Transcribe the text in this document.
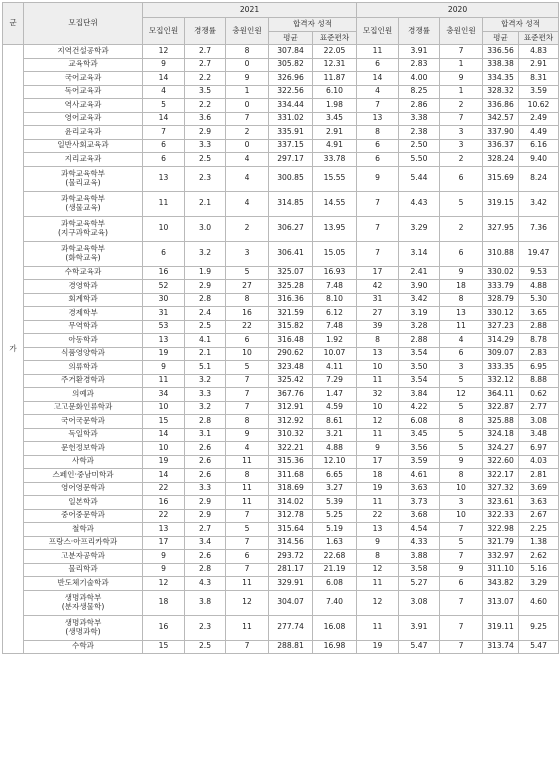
군	모집단위	2021					2020				
		모집인원	경쟁률	충원인원	합격자 성적		모집인원	경쟁률	충원인원	합격자 성적	
					평균	표준편차				평균	표준편차
가	지역건설공학과	12	2.7	8	307.84	22.05	11	3.91	7	336.56	4.83
	교육학과	9	2.7	0	305.82	12.31	6	2.83	1	338.38	2.91
	국어교육과	14	2.2	9	326.96	11.87	14	4.00	9	334.35	8.31
	독어교육과	4	3.5	1	322.56	6.10	4	8.25	1	328.32	3.59
	역사교육과	5	2.2	0	334.44	1.98	7	2.86	2	336.86	10.62
	영어교육과	14	3.6	7	331.02	3.45	13	3.38	7	342.57	2.49
	윤리교육과	7	2.9	2	335.91	2.91	8	2.38	3	337.90	4.49
	일반사회교육과	6	3.3	0	337.15	4.91	6	2.50	3	336.37	6.16
	지리교육과	6	2.5	4	297.17	33.78	6	5.50	2	328.24	9.40
	과학교육학부
(물리교육)	13	2.3	4	300.85	15.55	9	5.44	6	315.69	8.24
	과학교육학부
(생물교육)	11	2.1	4	314.85	14.55	7	4.43	5	319.15	3.42
	과학교육학부
(지구과학교육)	10	3.0	2	306.27	13.95	7	3.29	2	327.95	7.36
	과학교육학부
(화학교육)	6	3.2	3	306.41	15.05	7	3.14	6	310.88	19.47
	수학교육과	16	1.9	5	325.07	16.93	17	2.41	9	330.02	9.53
	경영학과	52	2.9	27	325.28	7.48	42	3.90	18	333.79	4.88
	회계학과	30	2.8	8	316.36	8.10	31	3.42	8	328.79	5.30
	경제학부	31	2.4	16	321.59	6.12	27	3.19	13	330.12	3.65
	무역학과	53	2.5	22	315.82	7.48	39	3.28	11	327.23	2.88
	아동학과	13	4.1	6	316.48	1.92	8	2.88	4	314.29	8.78
	식품영양학과	19	2.1	10	290.62	10.07	13	3.54	6	309.07	2.83
	의류학과	9	5.1	5	323.48	4.11	10	3.50	3	333.35	6.95
	주거환경학과	11	3.2	7	325.42	7.29	11	3.54	5	332.12	8.88
	의예과	34	3.3	7	367.76	1.47	32	3.84	12	364.11	0.62
	고고문화인류학과	10	3.2	7	312.91	4.59	10	4.22	5	322.87	2.77
	국어국문학과	15	2.8	8	312.92	8.61	12	6.08	8	325.88	3.08
	독일학과	14	3.1	9	310.32	3.21	11	3.45	5	324.18	3.48
	문헌정보학과	10	2.6	4	322.21	4.88	9	3.56	5	324.27	6.97
	사학과	19	2.6	11	315.36	12.10	17	3.59	9	322.60	4.03
	스페인·중남미학과	14	2.6	8	311.68	6.65	18	4.61	8	322.17	2.81
	영어영문학과	22	3.3	11	318.69	3.27	19	3.63	10	327.32	3.69
	일본학과	16	2.9	11	314.02	5.39	11	3.73	3	323.61	3.63
	중어중문학과	22	2.9	7	312.78	5.25	22	3.68	10	322.33	2.67
	철학과	13	2.7	5	315.64	5.19	13	4.54	7	322.98	2.25
	프랑스·아프리카학과	17	3.4	7	314.56	1.63	9	4.33	5	321.79	1.38
	고분자공학과	9	2.6	6	293.72	22.68	8	3.88	7	332.97	2.62
	물리학과	9	2.8	7	281.17	21.19	12	3.58	9	311.10	5.16
	반도체기술학과	12	4.3	11	329.91	6.08	11	5.27	6	343.82	3.29
	생명과학부
(분자생물학)	18	3.8	12	304.07	7.40	12	3.08	7	313.07	4.60
	생명과학부
(생명과학)	16	2.3	11	277.74	16.08	11	3.91	7	319.11	9.25
	수학과	15	2.5	7	288.81	16.98	19	5.47	7	313.74	5.47
